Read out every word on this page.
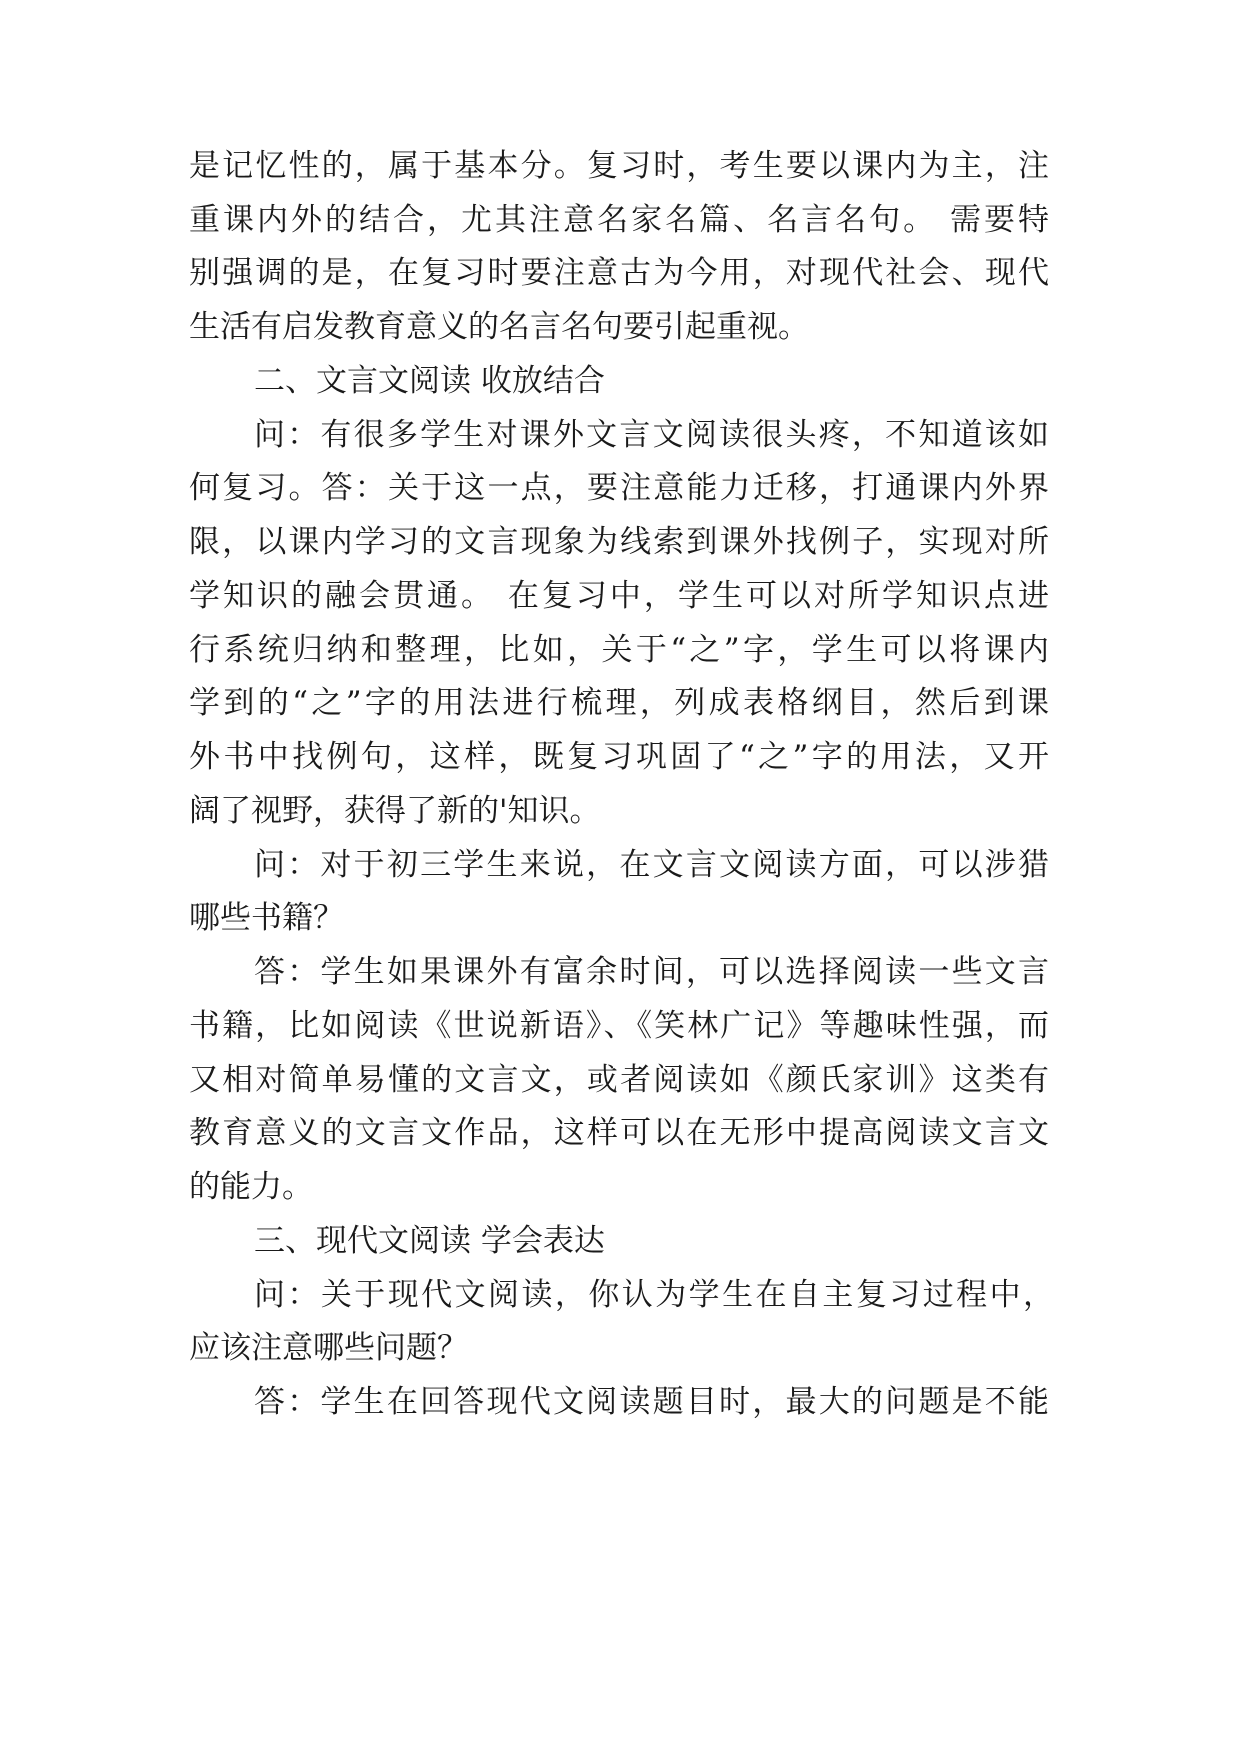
是记忆性的，属于基本分。复习时，考生要以课内为主，注
重课内外的结合，尤其注意名家名篇、名言名句。 需要特
别强调的是，在复习时要注意古为今用，对现代社会、现代
生活有启发教育意义的名言名句要引起重视。
二、文言文阅读 收放结合
问：有很多学生对课外文言文阅读很头疼，不知道该如
何复习。答：关于这一点，要注意能力迁移，打通课内外界
限，以课内学习的文言现象为线索到课外找例子，实现对所
学知识的融会贯通。 在复习中，学生可以对所学知识点进
行系统归纳和整理，比如，关于“之”字，学生可以将课内
学到的“之”字的用法进行梳理，列成表格纲目，然后到课
外书中找例句，这样，既复习巩固了“之”字的用法，又开
阔了视野，获得了新的'知识。
问：对于初三学生来说，在文言文阅读方面，可以涉猎
哪些书籍？
答：学生如果课外有富余时间，可以选择阅读一些文言
书籍，比如阅读《世说新语》、《笑林广记》等趣味性强，而
又相对简单易懂的文言文，或者阅读如《颜氏家训》这类有
教育意义的文言文作品，这样可以在无形中提高阅读文言文
的能力。
三、现代文阅读 学会表达
问：关于现代文阅读，你认为学生在自主复习过程中，
应该注意哪些问题？
答：学生在回答现代文阅读题目时，最大的问题是不能
